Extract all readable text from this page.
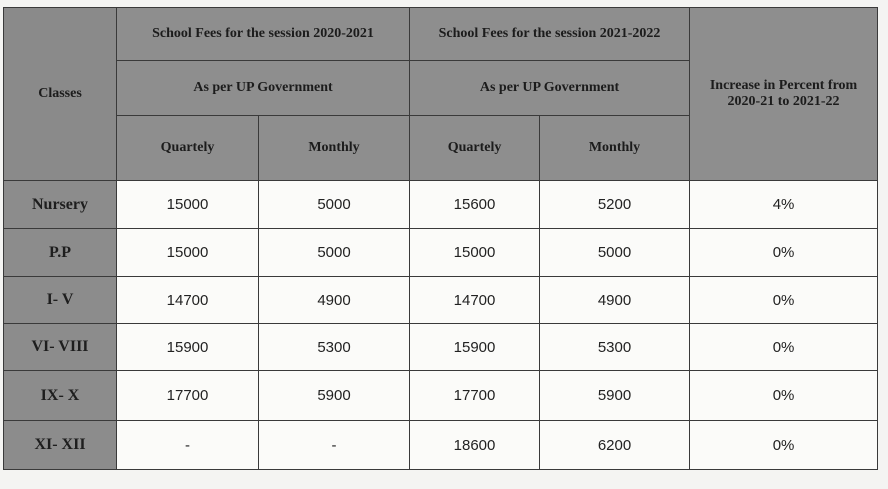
Classes	School Fees for the session 2020-2021		School Fees for the session 2021-2022		Increase in Percent from
2020-21 to 2021-22

	As per UP Government		As per UP Government		
	Quartely	Monthly	Quartely	Monthly	
Nursery	15000	5000	15600	5200	4%
P.P	15000	5000	15000	5000	0%
I- V	14700	4900	14700	4900	0%
VI- VIII	15900	5300	15900	5300	0%
IX- X	17700	5900	17700	5900	0%
XI- XII	-	-	18600	6200	0%
